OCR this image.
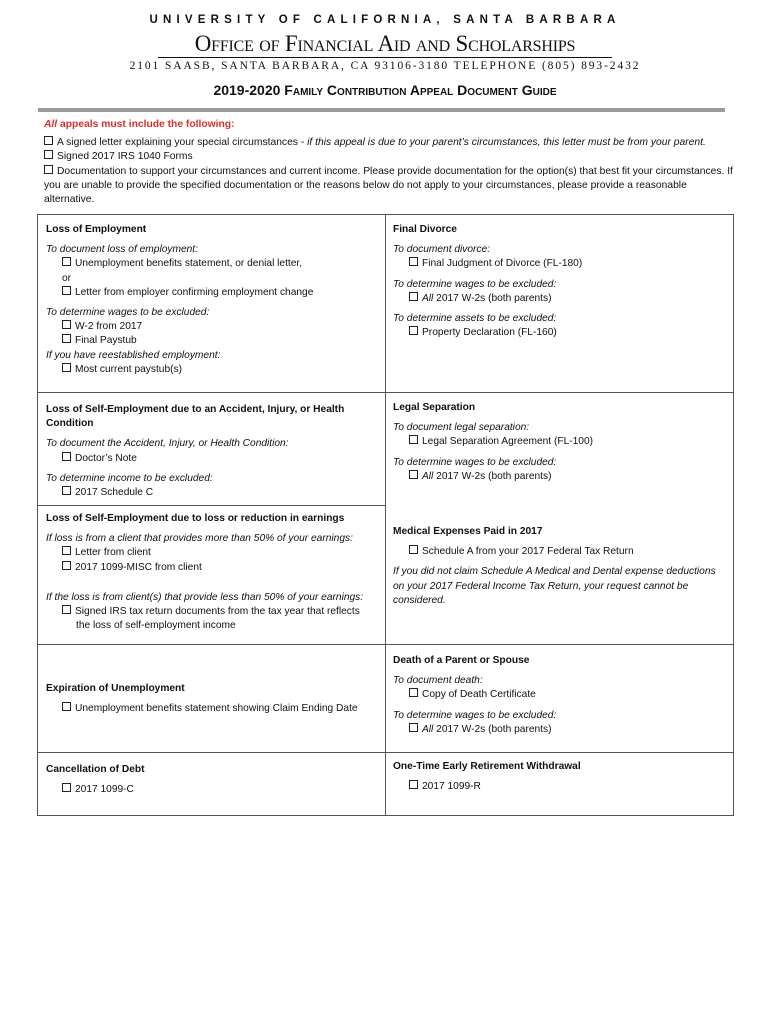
UNIVERSITY OF CALIFORNIA, SANTA BARBARA
Office of Financial Aid and Scholarships
2101 SAASB, SANTA BARBARA, CA 93106-3180 TELEPHONE (805) 893-2432
2019-2020 Family Contribution Appeal Document Guide

All appeals must include the following:

A signed letter explaining your special circumstances - if this appeal is due to your parent’s circumstances, this letter must be from your parent.

Signed 2017 IRS 1040 Forms

Documentation to support your circumstances and current income. Please provide documentation for the option(s) that best fit your circumstances. If you are unable to provide the specified documentation or the reasons below do not apply to your circumstances, please provide a reasonable alternative.

Loss of Employment

To document loss of employment:

Unemployment benefits statement, or denial letter,

or

Letter from employer confirming employment change

To determine wages to be excluded:

W-2 from 2017

Final Paystub

If you have reestablished employment:

Most current paystub(s)

Final Divorce

To document divorce:

Final Judgment of Divorce (FL-180)

To determine wages to be excluded:

All 2017 W-2s (both parents)

To determine assets to be excluded:

Property Declaration (FL-160)

Loss of Self-Employment due to an Accident, Injury, or Health Condition

To document the Accident, Injury, or Health Condition:

Doctor’s Note

To determine income to be excluded:

2017 Schedule C

Legal Separation

To document legal separation:

Legal Separation Agreement (FL-100)

To determine wages to be excluded:

All 2017 W-2s (both parents)

Loss of Self-Employment due to loss or reduction in earnings

If loss is from a client that provides more than 50% of your earnings:

Letter from client

2017 1099-MISC from client

If the loss is from client(s) that provide less than 50% of your earnings:

Signed IRS tax return documents from the tax year that reflects

the loss of self-employment income

Medical Expenses Paid in 2017

Schedule A from your 2017 Federal Tax Return

If you did not claim Schedule A Medical and Dental expense deductions on your 2017 Federal Income Tax Return, your request cannot be considered.

Expiration of Unemployment

Unemployment benefits statement showing Claim Ending Date

Death of a Parent or Spouse

To document death:

Copy of Death Certificate

To determine wages to be excluded:

All 2017 W-2s (both parents)

Cancellation of Debt

2017 1099-C

One-Time Early Retirement Withdrawal

2017 1099-R
